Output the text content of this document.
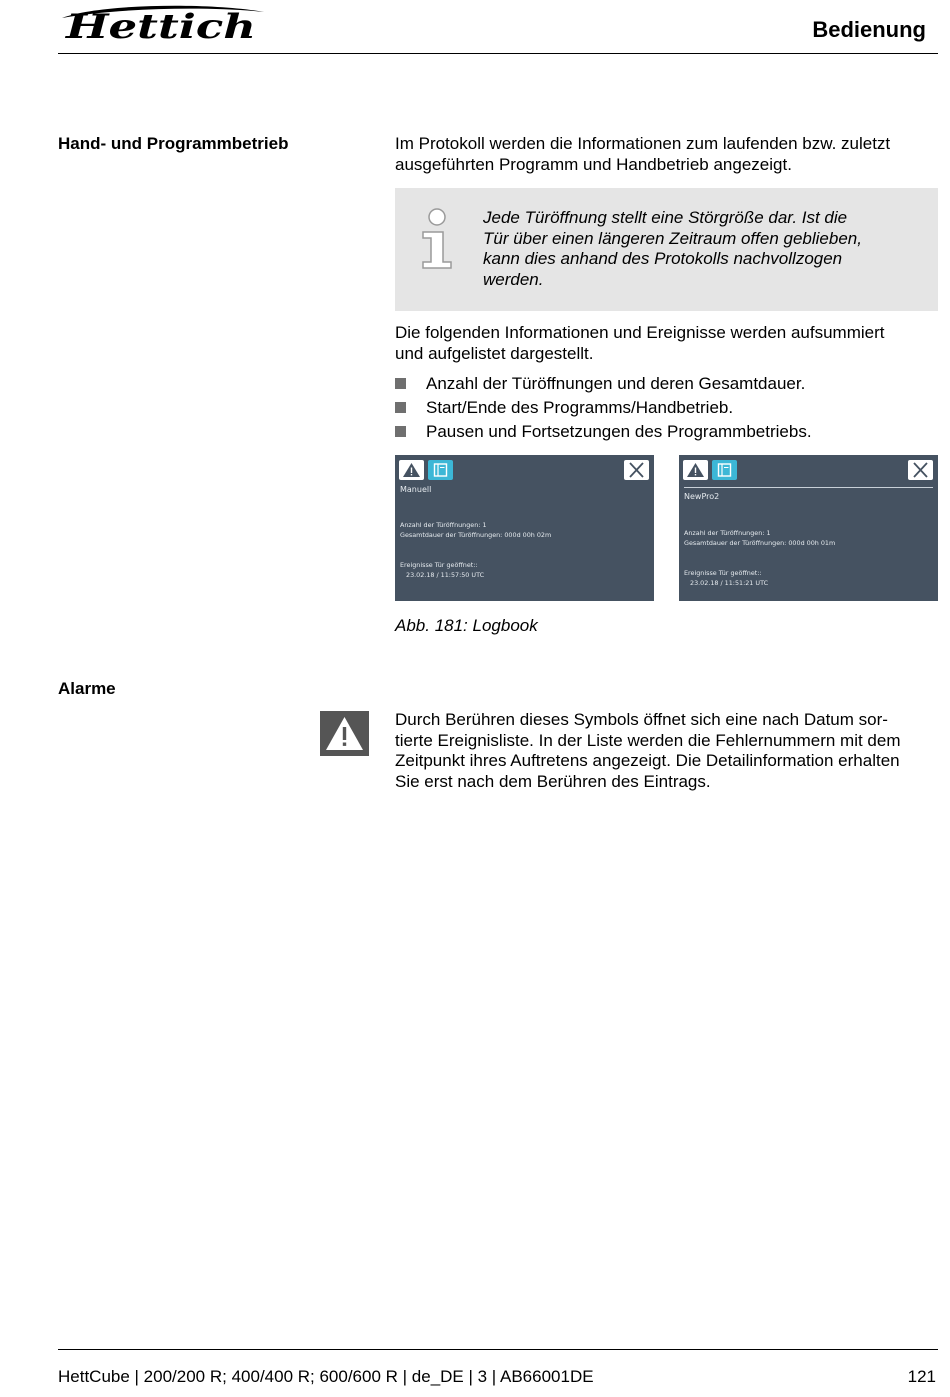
Hettich	Bedienung
Hand- und Programmbetrieb	Im Protokoll werden die Informationen zum laufenden bzw. zuletzt
ausgeführten Programm und Handbetrieb angezeigt.
Jede Türöffnung stellt eine Störgröße dar. Ist die
Tür über einen längeren Zeitraum offen geblieben,
kann dies anhand des Protokolls nachvollzogen
werden.
Die folgenden Informationen und Ereignisse werden aufsummiert
und aufgelistet dargestellt.
Anzahl der Türöffnungen und deren Gesamtdauer.
Start/Ende des Programms/Handbetrieb.
Pausen und Fortsetzungen des Programmbetriebs.
Manuell

Anzahl der Türöffnungen: 1
Gesamtdauer der Türöffnungen: 000d 00h 02m

Ereignisse Tür geöffnet::
23.02.18 / 11:57:50 UTC

NewPro2

Anzahl der Türöffnungen: 1
Gesamtdauer der Türöffnungen: 000d 00h 01m

Ereignisse Tür geöffnet::
23.02.18 / 11:51:21 UTC

Abb. 181: Logbook
Alarme
Durch Berühren dieses Symbols öffnet sich eine nach Datum sor-
tierte Ereignisliste. In der Liste werden die Fehlernummern mit dem
Zeitpunkt ihres Auftretens angezeigt. Die Detailinformation erhalten
Sie erst nach dem Berühren des Eintrags.
HettCube | 200/200 R; 400/400 R; 600/600 R | de_DE | 3 | AB66001DE	121
